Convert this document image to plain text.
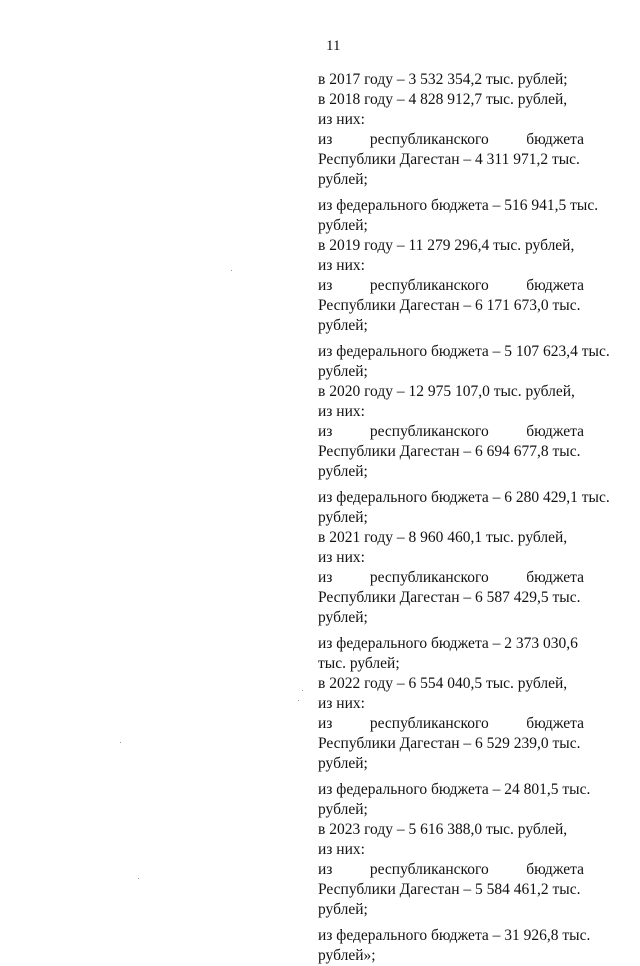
11
в 2017 году – 3 532 354,2 тыс. рублей;
в 2018 году – 4 828 912,7 тыс. рублей,
из них:
из республиканского бюджета
Республики Дагестан – 4 311 971,2 тыс.
рублей;
из федерального бюджета – 516 941,5 тыс.
рублей;
в 2019 году – 11 279 296,4 тыс. рублей,
из них:
из республиканского бюджета
Республики Дагестан – 6 171 673,0 тыс.
рублей;
из федерального бюджета – 5 107 623,4 тыс.
рублей;
в 2020 году – 12 975 107,0 тыс. рублей,
из них:
из республиканского бюджета
Республики Дагестан – 6 694 677,8 тыс.
рублей;
из федерального бюджета – 6 280 429,1 тыс.
рублей;
в 2021 году – 8 960 460,1 тыс. рублей,
из них:
из республиканского бюджета
Республики Дагестан – 6 587 429,5 тыс.
рублей;
из федерального бюджета – 2 373 030,6
тыс. рублей;
в 2022 году – 6 554 040,5 тыс. рублей,
из них:
из республиканского бюджета
Республики Дагестан – 6 529 239,0 тыс.
рублей;
из федерального бюджета – 24 801,5 тыс.
рублей;
в 2023 году – 5 616 388,0 тыс. рублей,
из них:
из республиканского бюджета
Республики Дагестан – 5 584 461,2 тыс.
рублей;
из федерального бюджета – 31 926,8 тыс.
рублей»;
